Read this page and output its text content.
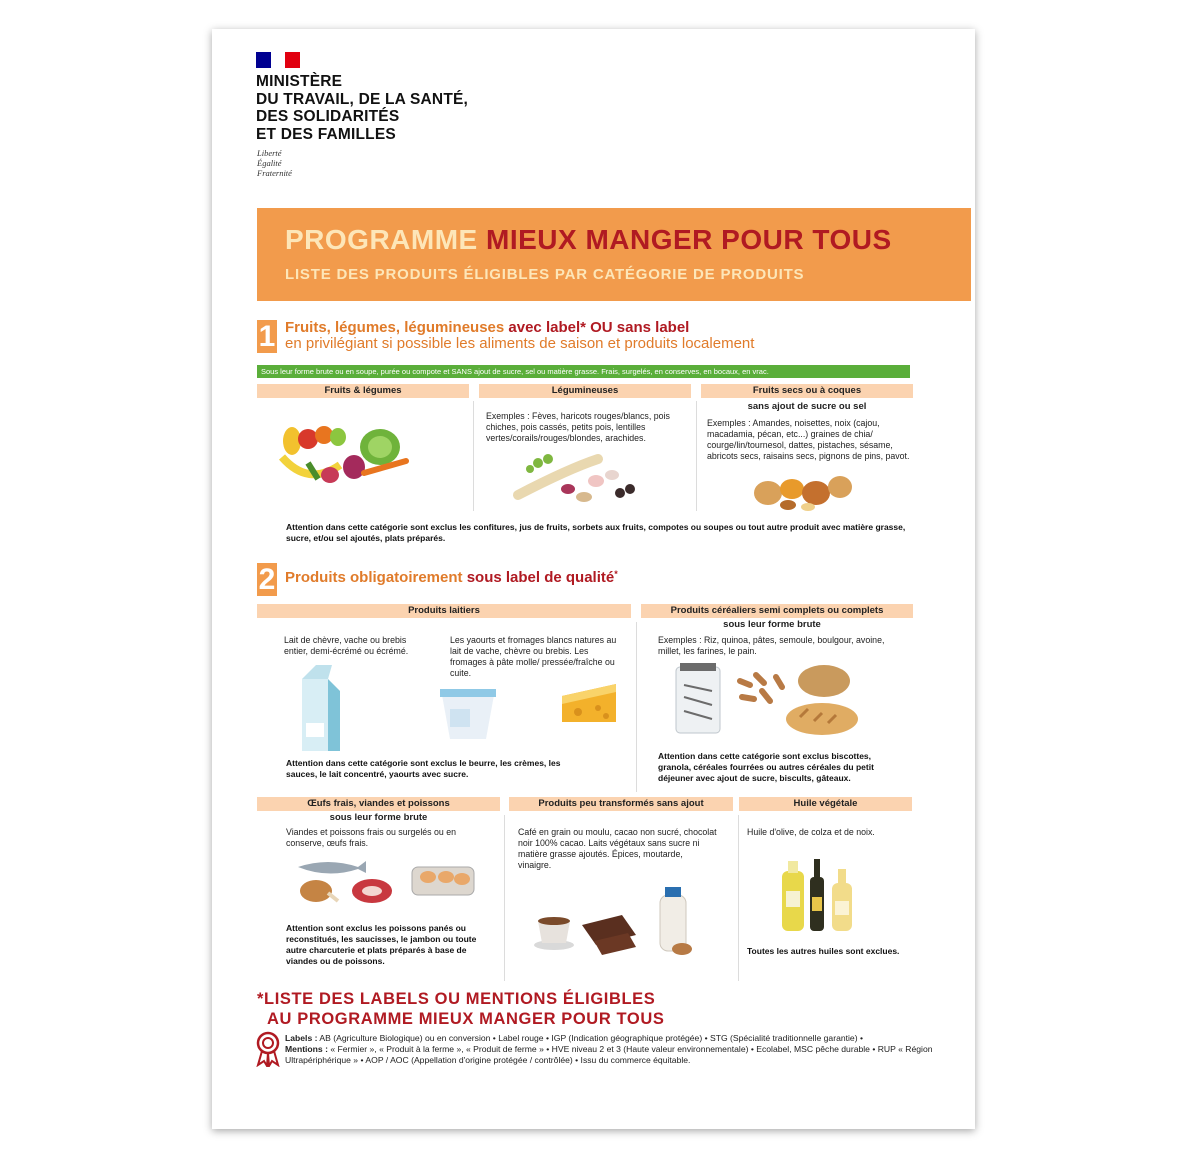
MINISTÈRE
DU TRAVAIL, DE LA SANTÉ,
DES SOLIDARITÉS
ET DES FAMILLES
Liberté
Égalité
Fraternité
PROGRAMME MIEUX MANGER POUR TOUS
LISTE DES PRODUITS ÉLIGIBLES PAR CATÉGORIE DE PRODUITS
1 Fruits, légumes, légumineuses avec label* OU sans label
en privilégiant si possible les aliments de saison et produits localement
Sous leur forme brute ou en soupe, purée ou compote et SANS ajout de sucre, sel ou matière grasse. Frais, surgelés, en conserves, en bocaux, en vrac.
Fruits & légumes	Légumineuses	Fruits secs ou à coques
Exemples : Fèves, haricots rouges/blancs, pois chiches, pois cassés, petits pois, lentilles vertes/corails/rouges/blondes, arachides.
sans ajout de sucre ou sel
Exemples : Amandes, noisettes, noix (cajou, macadamia, pécan, etc...) graines de chia/ courge/lin/tournesol, dattes, pistaches, sésame, abricots secs, raisains secs, pignons de pins, pavot.
Attention dans cette catégorie sont exclus les confitures, jus de fruits, sorbets aux fruits, compotes ou soupes ou tout autre produit avec matière grasse, sucre, et/ou sel ajoutés, plats préparés.
2 Produits obligatoirement sous label de qualité*
Produits laitiers
Lait de chèvre, vache ou brebis entier, demi-écrémé ou écrémé.
Les yaourts et fromages blancs natures au lait de vache, chèvre ou brebis. Les fromages à pâte molle/ pressée/fraîche ou cuite.
Attention dans cette catégorie sont exclus le beurre, les crèmes, les sauces, le lait concentré, yaourts avec sucre.
Produits céréaliers semi complets ou complets
sous leur forme brute
Exemples : Riz, quinoa, pâtes, semoule, boulgour, avoine, millet, les farines, le pain.
Attention dans cette catégorie sont exclus biscottes, granola, céréales fourrées ou autres céréales du petit déjeuner avec ajout de sucre, biscults, gâteaux.
Œufs frais, viandes et poissons
sous leur forme brute
Viandes et poissons frais ou surgelés ou en conserve, œufs frais.
Attention sont exclus les poissons panés ou reconstitués, les saucisses, le jambon ou toute autre charcuterie et plats préparés à base de viandes ou de poissons.
Produits peu transformés sans ajout
Café en grain ou moulu, cacao non sucré, chocolat noir 100% cacao. Laits végétaux sans sucre ni matière grasse ajoutés. Épices, moutarde, vinaigre.
Huile végétale
Huile d'olive, de colza et de noix.
Toutes les autres huiles sont exclues.
*LISTE DES LABELS OU MENTIONS ÉLIGIBLES
AU PROGRAMME MIEUX MANGER POUR TOUS
Labels : AB (Agriculture Biologique) ou en conversion • Label rouge • IGP (Indication géographique protégée) • STG (Spécialité traditionnelle garantie) •
Mentions : « Fermier », « Produit à la ferme », « Produit de ferme » • HVE niveau 2 et 3 (Haute valeur environnementale) • Ecolabel, MSC pêche durable • RUP « Région Ultrapériphérique » • AOP / AOC (Appellation d'origine protégée / contrôlée) • Issu du commerce équitable.
